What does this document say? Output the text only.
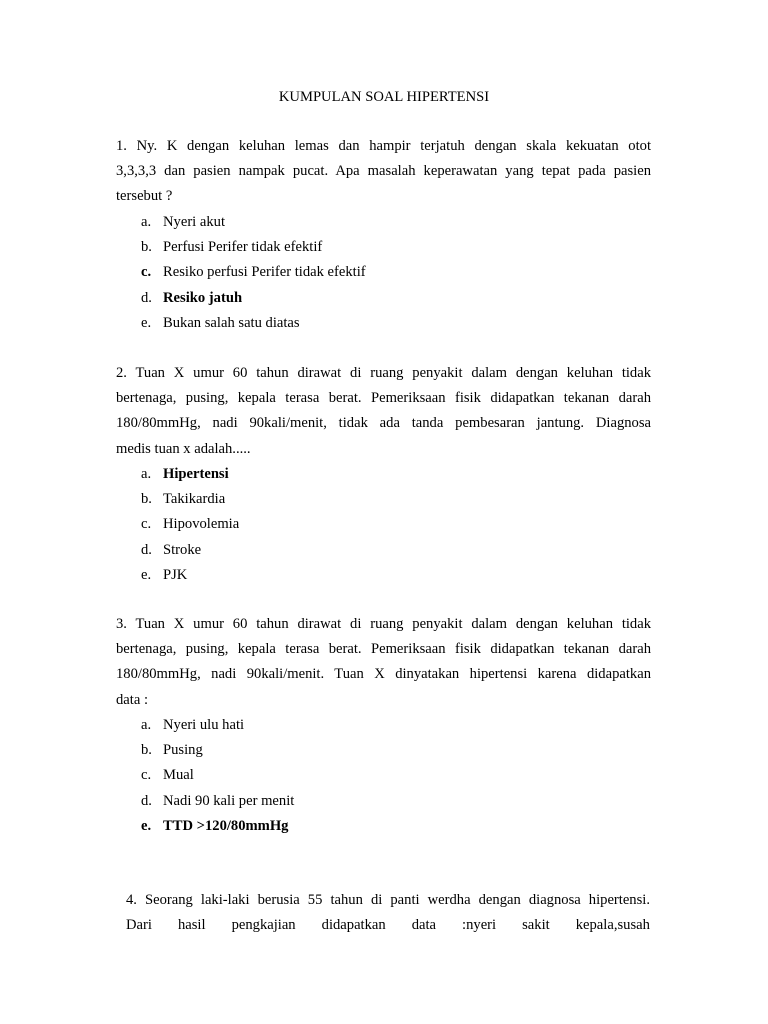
KUMPULAN SOAL HIPERTENSI
1. Ny. K dengan keluhan lemas dan hampir terjatuh dengan skala kekuatan otot
3,3,3,3 dan pasien nampak pucat. Apa masalah keperawatan yang tepat pada pasien
tersebut ?
a. Nyeri akut
b. Perfusi Perifer tidak efektif
c. Resiko perfusi Perifer tidak efektif
d. Resiko jatuh
e. Bukan salah satu diatas
2. Tuan X umur 60 tahun dirawat di ruang penyakit dalam dengan keluhan tidak
bertenaga, pusing, kepala terasa berat. Pemeriksaan fisik didapatkan tekanan darah
180/80mmHg, nadi 90kali/menit, tidak ada tanda pembesaran jantung. Diagnosa
medis tuan x adalah.....
a. Hipertensi
b. Takikardia
c. Hipovolemia
d. Stroke
e. PJK
3. Tuan X umur 60 tahun dirawat di ruang penyakit dalam dengan keluhan tidak
bertenaga, pusing, kepala terasa berat. Pemeriksaan fisik didapatkan tekanan darah
180/80mmHg, nadi 90kali/menit. Tuan X dinyatakan hipertensi karena didapatkan
data :
a. Nyeri ulu hati
b. Pusing
c. Mual
d. Nadi 90 kali per menit
e. TTD >120/80mmHg
4. Seorang laki-laki berusia 55 tahun di panti werdha dengan diagnosa hipertensi.
Dari hasil pengkajian didapatkan data :nyeri sakit kepala,susah
